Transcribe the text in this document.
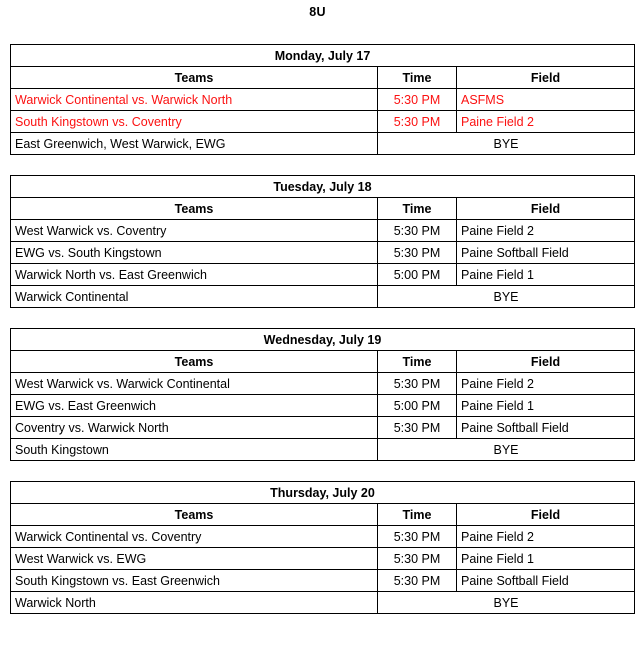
8U
Monday, July 17		
Teams	Time	Field
Warwick Continental vs. Warwick North	5:30 PM	ASFMS
South Kingstown vs. Coventry	5:30 PM	Paine Field 2
East Greenwich, West Warwick, EWG	BYE	
Tuesday, July 18		
Teams	Time	Field
West Warwick vs. Coventry	5:30 PM	Paine Field 2
EWG vs. South Kingstown	5:30 PM	Paine Softball Field
Warwick North vs. East Greenwich	5:00 PM	Paine Field 1
Warwick Continental	BYE	
Wednesday, July 19		
Teams	Time	Field
West Warwick vs. Warwick Continental	5:30 PM	Paine Field 2
EWG vs. East Greenwich	5:00 PM	Paine Field 1
Coventry vs. Warwick North	5:30 PM	Paine Softball Field
South Kingstown	BYE	
Thursday, July 20		
Teams	Time	Field
Warwick Continental vs. Coventry	5:30 PM	Paine Field 2
West Warwick vs. EWG	5:30 PM	Paine Field 1
South Kingstown vs. East Greenwich	5:30 PM	Paine Softball Field
Warwick North	BYE	
